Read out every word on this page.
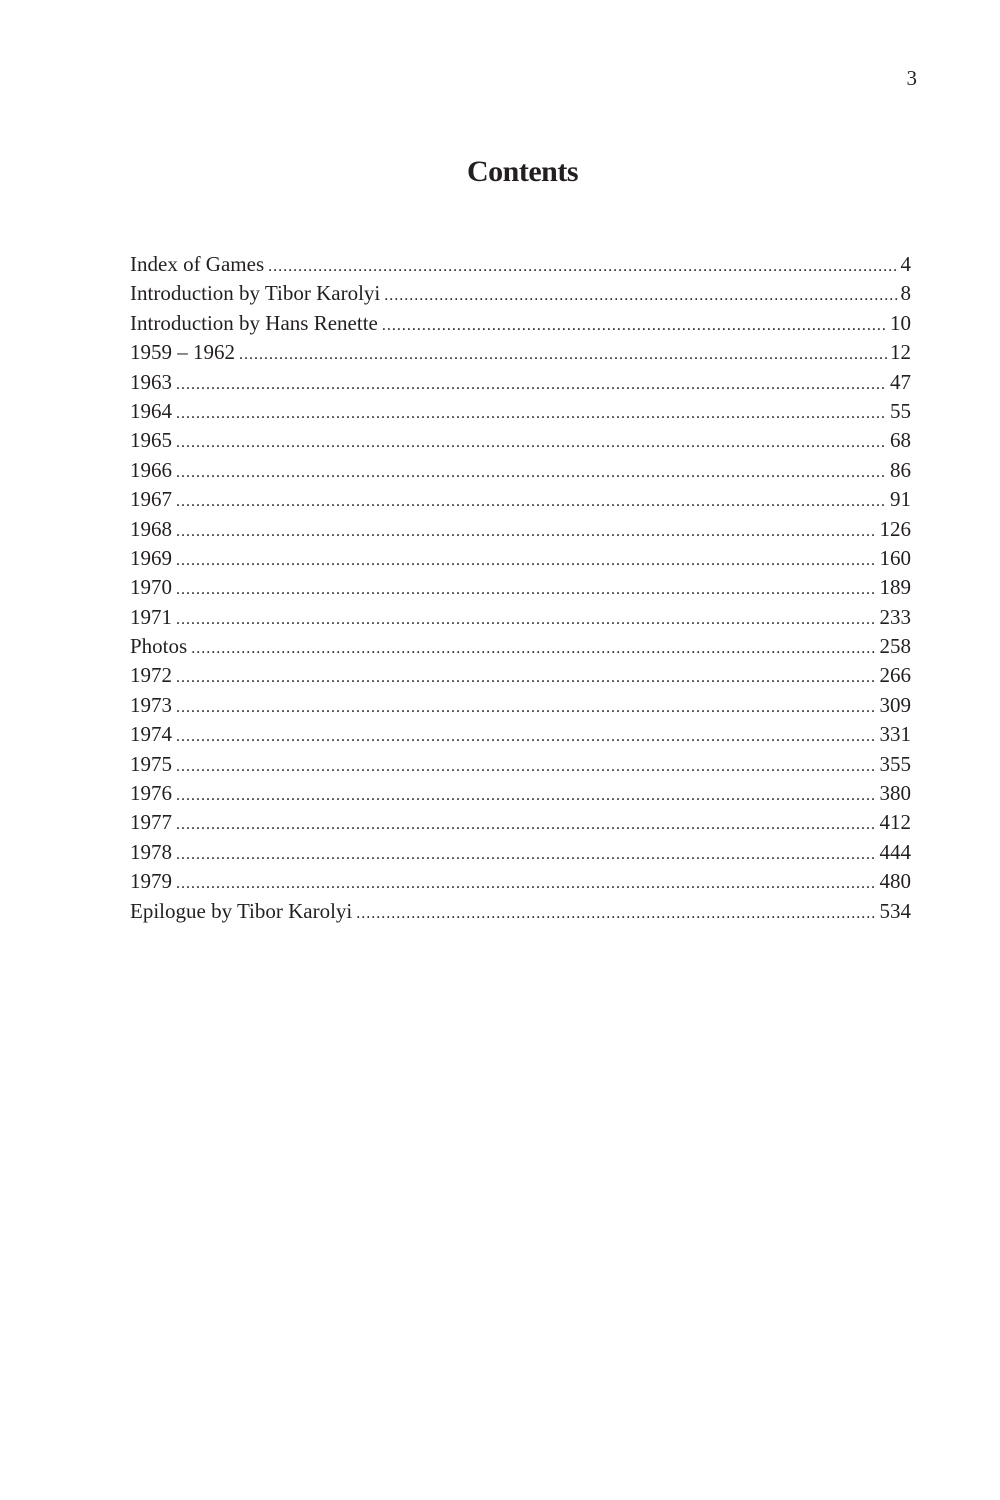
3
Contents
Index of Games .....	4
Introduction by Tibor Karolyi .....	8
Introduction by Hans Renette .....	10
1959 – 1962 .....	12
1963 .....	47
1964 .....	55
1965 .....	68
1966 .....	86
1967 .....	91
1968 .....	126
1969 .....	160
1970 .....	189
1971 .....	233
Photos .....	258
1972 .....	266
1973 .....	309
1974 .....	331
1975 .....	355
1976 .....	380
1977 .....	412
1978 .....	444
1979 .....	480
Epilogue by Tibor Karolyi .....	534
